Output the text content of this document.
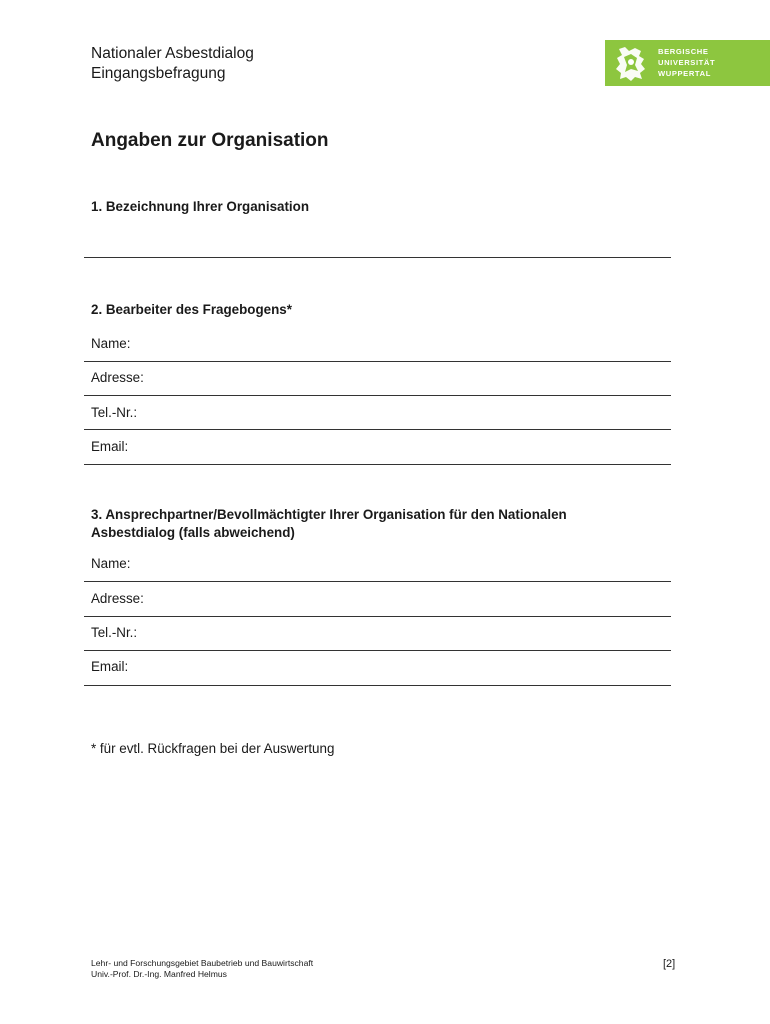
Nationaler Asbestdialog
Eingangsbefragung
BERGISCHE
UNIVERSITÄT
WUPPERTAL
Angaben zur Organisation
1. Bezeichnung Ihrer Organisation
2. Bearbeiter des Fragebogens*
Name:
Adresse:
Tel.-Nr.:
Email:
3. Ansprechpartner/Bevollmächtigter Ihrer Organisation für den Nationalen
Asbestdialog (falls abweichend)
Name:
Adresse:
Tel.-Nr.:
Email:
* für evtl. Rückfragen bei der Auswertung
Lehr- und Forschungsgebiet Baubetrieb und Bauwirtschaft
Univ.-Prof. Dr.-Ing. Manfred Helmus
[2]
